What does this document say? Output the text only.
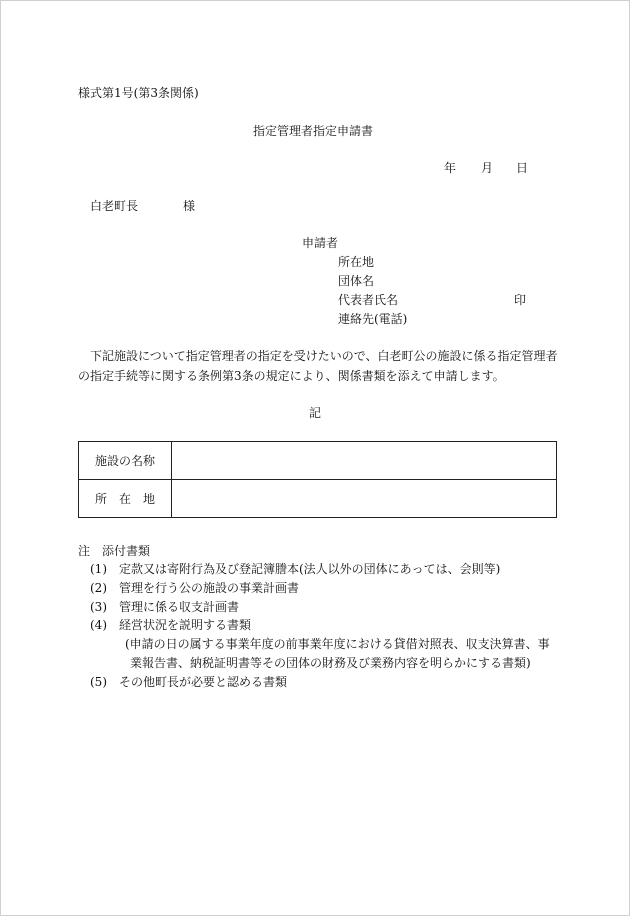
様式第1号(第3条関係)
指定管理者指定申請書
年 月 日
白老町長	様
申請者
所在地
団体名
代表者氏名	印
連絡先(電話)
下記施設について指定管理者の指定を受けたいので、白老町公の施設に係る指定管理者
の指定手続等に関する条例第3条の規定により、関係書類を添えて申請します。
記
施設の名称	
所　在　地	
注　添付書類
(1) 定款又は寄附行為及び登記簿謄本(法人以外の団体にあっては、会則等)
(2) 管理を行う公の施設の事業計画書
(3) 管理に係る収支計画書
(4) 経営状況を説明する書類
(申請の日の属する事業年度の前事業年度における貸借対照表、収支決算書、事
業報告書、納税証明書等その団体の財務及び業務内容を明らかにする書類)
(5) その他町長が必要と認める書類
